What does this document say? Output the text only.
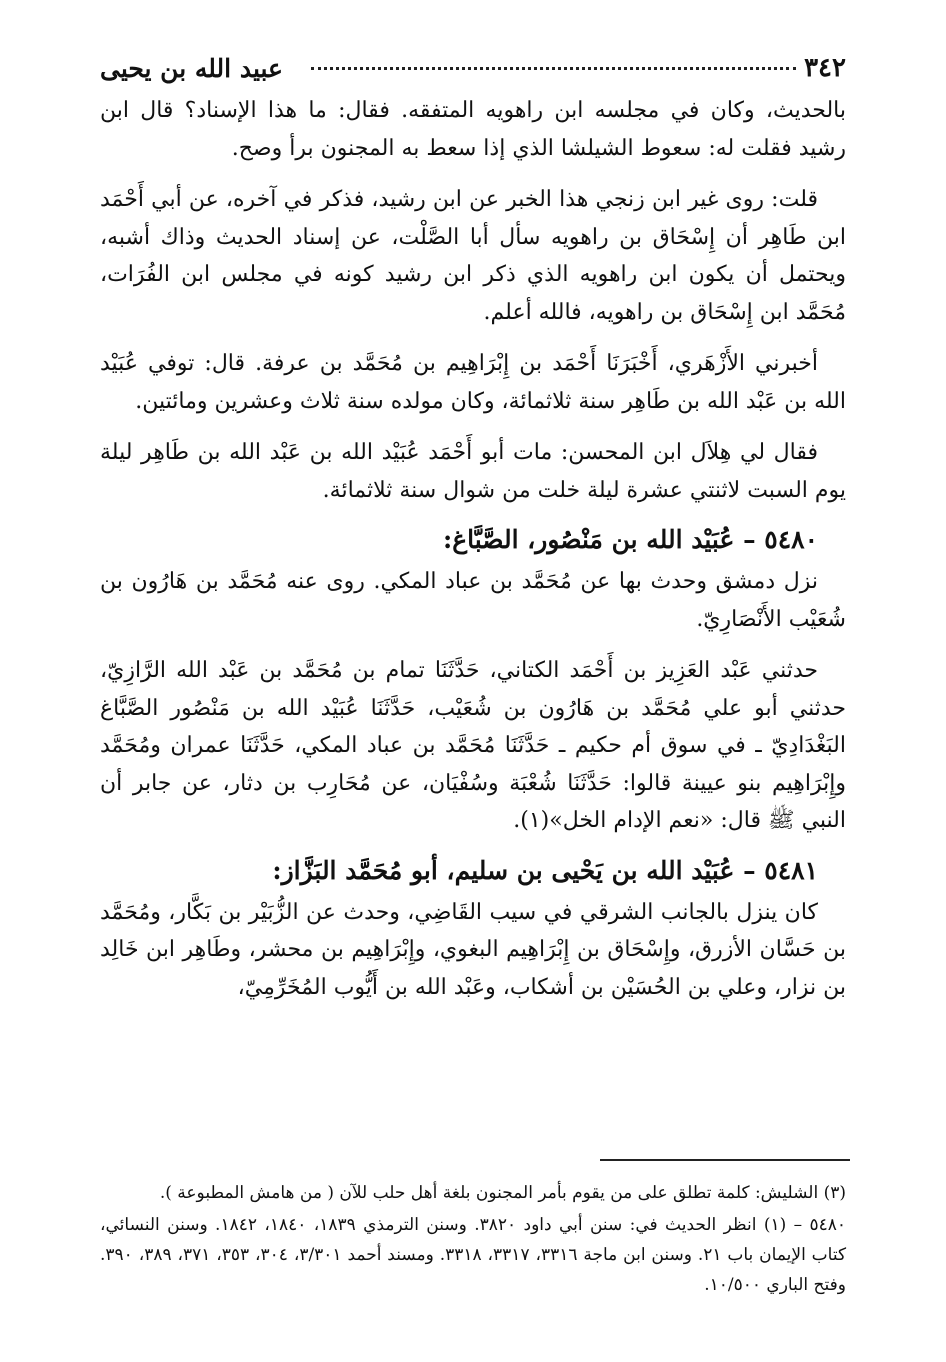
٣٤٢
عبيد الله بن يحيى

بالحديث، وكان في مجلسه ابن راهويه المتفقه. فقال: ما هذا الإسناد؟ قال ابن رشيد فقلت له: سعوط الشيلشا الذي إذا سعط به المجنون برأ وصح.

قلت: روى غير ابن زنجي هذا الخبر عن ابن رشيد، فذكر في آخره، عن أبي أَحْمَد ابن طَاهِر أن إِسْحَاق بن راهويه سأل أبا الصَّلْت، عن إسناد الحديث وذاك أشبه، ويحتمل أن يكون ابن راهويه الذي ذكر ابن رشيد كونه في مجلس ابن الفُرَات، مُحَمَّد ابن إِسْحَاق بن راهويه، فالله أعلم.

أخبرني الأَزْهَري، أَخْبَرَنَا أَحْمَد بن إِبْرَاهِيم بن مُحَمَّد بن عرفة. قال: توفي عُبَيْد الله بن عَبْد الله بن طَاهِر سنة ثلاثمائة، وكان مولده سنة ثلاث وعشرين ومائتين.

فقال لي هِلاَل ابن المحسن: مات أبو أَحْمَد عُبَيْد الله بن عَبْد الله بن طَاهِر ليلة يوم السبت لاثنتي عشرة ليلة خلت من شوال سنة ثلاثمائة.

٥٤٨٠ – عُبَيْد الله بن مَنْصُور، الصَّبَّاغ:

نزل دمشق وحدث بها عن مُحَمَّد بن عباد المكي. روى عنه مُحَمَّد بن هَارُون بن شُعَيْب الأَنْصَارِيّ.

حدثني عَبْد العَزِيز بن أَحْمَد الكتاني، حَدَّثَنَا تمام بن مُحَمَّد بن عَبْد الله الرَّازِيّ، حدثني أبو علي مُحَمَّد بن هَارُون بن شُعَيْب، حَدَّثَنَا عُبَيْد الله بن مَنْصُور الصَّبَّاغ البَغْدَادِيّ ـ في سوق أم حكيم ـ حَدَّثَنَا مُحَمَّد بن عباد المكي، حَدَّثَنَا عمران ومُحَمَّد وإِبْرَاهِيم بنو عيينة قالوا: حَدَّثَنَا شُعْبَة وسُفْيَان، عن مُحَارِب بن دثار، عن جابر أن النبي ﷺ قال: «نعم الإدام الخل»(١).

٥٤٨١ – عُبَيْد الله بن يَحْيى بن سليم، أبو مُحَمَّد البَزَّاز:

كان ينزل بالجانب الشرقي في سيب القَاضِي، وحدث عن الزُّبَيْر بن بَكَّار، ومُحَمَّد بن حَسَّان الأزرق، وإِسْحَاق بن إِبْرَاهِيم البغوي، وإِبْرَاهِيم بن محشر، وطَاهِر ابن خَالِد بن نزار، وعلي بن الحُسَيْن بن أشكاب، وعَبْد الله بن أَيُّوب المُخَرِّمِيّ،

(٣) الشليش: كلمة تطلق على من يقوم بأمر المجنون بلغة أهل حلب للآن ( من هامش المطبوعة ).

٥٤٨٠ – (١) انظر الحديث في: سنن أبي داود ٣٨٢٠. وسنن الترمذي ١٨٣٩، ١٨٤٠، ١٨٤٢. وسنن النسائي، كتاب الإيمان باب ٢١. وسنن ابن ماجة ٣٣١٦، ٣٣١٧، ٣٣١٨. ومسند أحمد ٣/٣٠١، ٣٠٤، ٣٥٣، ٣٧١، ٣٨٩، ٣٩٠. وفتح الباري ١٠/٥٠٠.
